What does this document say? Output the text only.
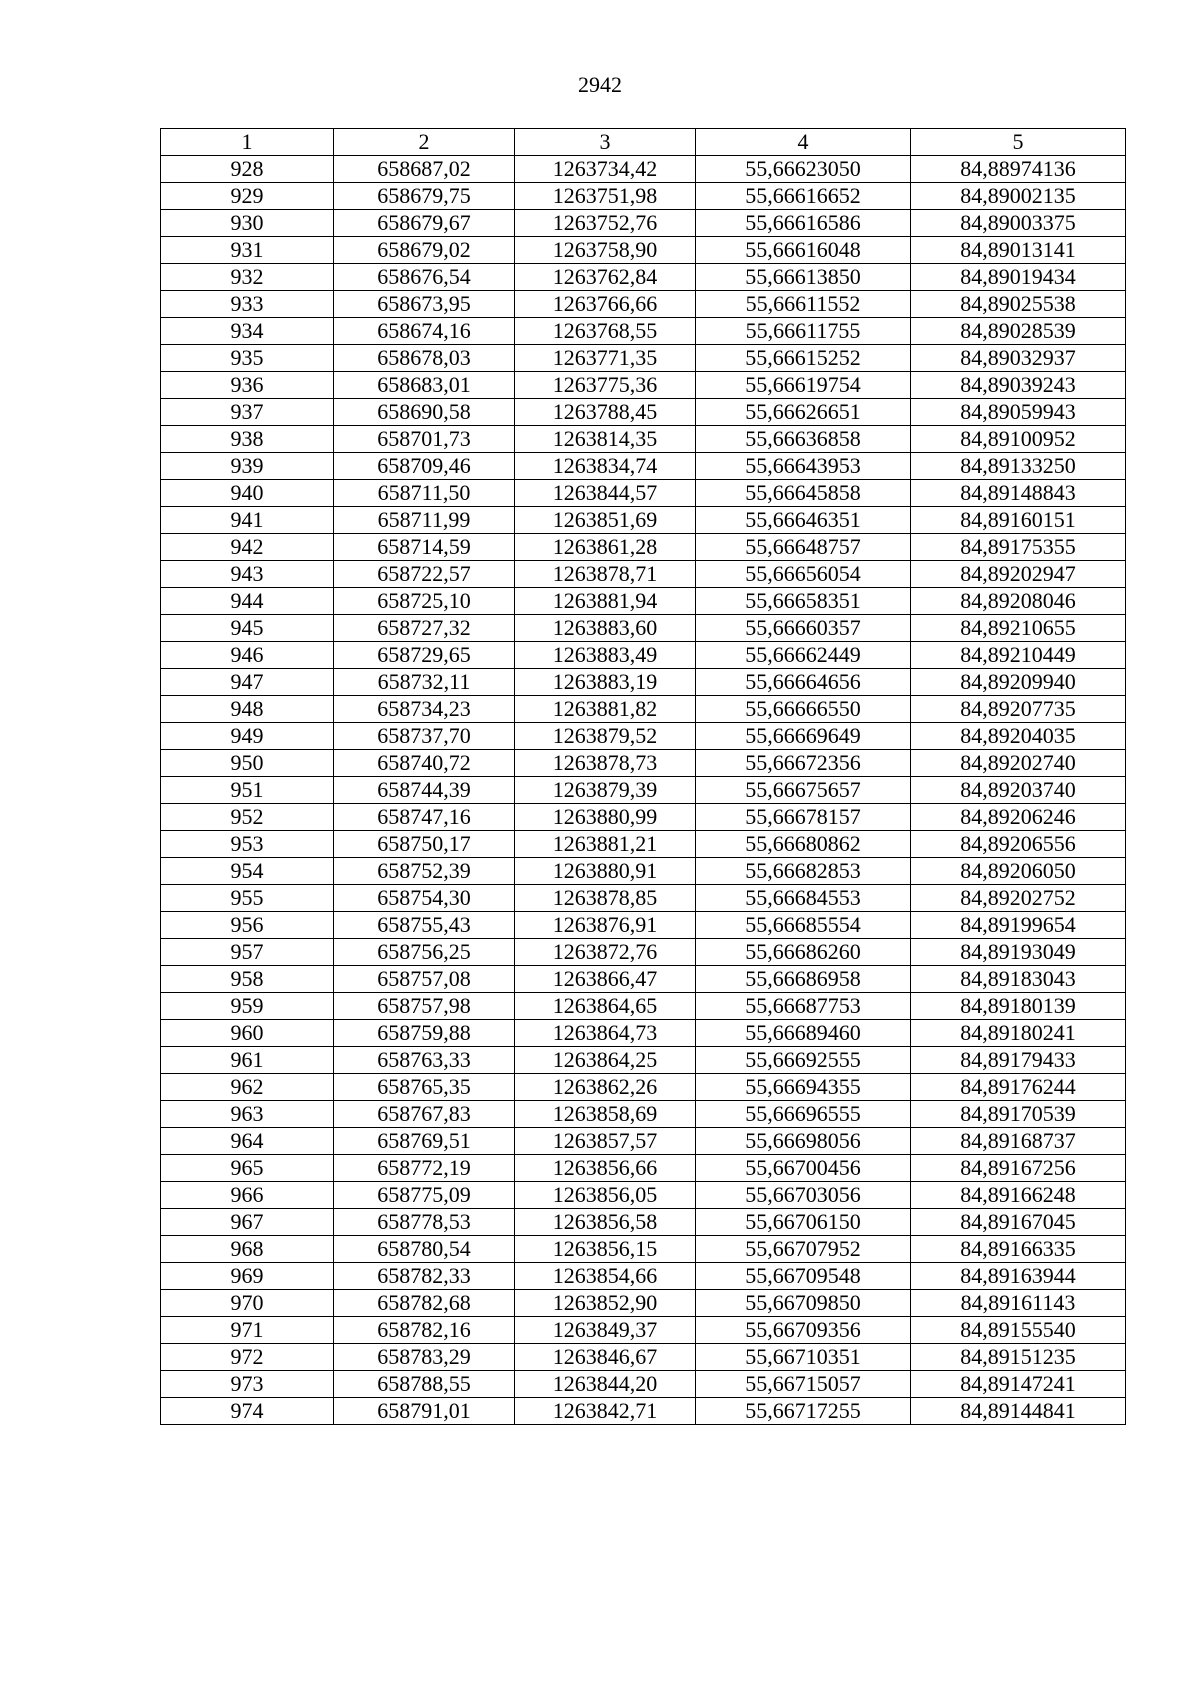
2942
1	2	3	4	5
928	658687,02	1263734,42	55,66623050	84,88974136
929	658679,75	1263751,98	55,66616652	84,89002135
930	658679,67	1263752,76	55,66616586	84,89003375
931	658679,02	1263758,90	55,66616048	84,89013141
932	658676,54	1263762,84	55,66613850	84,89019434
933	658673,95	1263766,66	55,66611552	84,89025538
934	658674,16	1263768,55	55,66611755	84,89028539
935	658678,03	1263771,35	55,66615252	84,89032937
936	658683,01	1263775,36	55,66619754	84,89039243
937	658690,58	1263788,45	55,66626651	84,89059943
938	658701,73	1263814,35	55,66636858	84,89100952
939	658709,46	1263834,74	55,66643953	84,89133250
940	658711,50	1263844,57	55,66645858	84,89148843
941	658711,99	1263851,69	55,66646351	84,89160151
942	658714,59	1263861,28	55,66648757	84,89175355
943	658722,57	1263878,71	55,66656054	84,89202947
944	658725,10	1263881,94	55,66658351	84,89208046
945	658727,32	1263883,60	55,66660357	84,89210655
946	658729,65	1263883,49	55,66662449	84,89210449
947	658732,11	1263883,19	55,66664656	84,89209940
948	658734,23	1263881,82	55,66666550	84,89207735
949	658737,70	1263879,52	55,66669649	84,89204035
950	658740,72	1263878,73	55,66672356	84,89202740
951	658744,39	1263879,39	55,66675657	84,89203740
952	658747,16	1263880,99	55,66678157	84,89206246
953	658750,17	1263881,21	55,66680862	84,89206556
954	658752,39	1263880,91	55,66682853	84,89206050
955	658754,30	1263878,85	55,66684553	84,89202752
956	658755,43	1263876,91	55,66685554	84,89199654
957	658756,25	1263872,76	55,66686260	84,89193049
958	658757,08	1263866,47	55,66686958	84,89183043
959	658757,98	1263864,65	55,66687753	84,89180139
960	658759,88	1263864,73	55,66689460	84,89180241
961	658763,33	1263864,25	55,66692555	84,89179433
962	658765,35	1263862,26	55,66694355	84,89176244
963	658767,83	1263858,69	55,66696555	84,89170539
964	658769,51	1263857,57	55,66698056	84,89168737
965	658772,19	1263856,66	55,66700456	84,89167256
966	658775,09	1263856,05	55,66703056	84,89166248
967	658778,53	1263856,58	55,66706150	84,89167045
968	658780,54	1263856,15	55,66707952	84,89166335
969	658782,33	1263854,66	55,66709548	84,89163944
970	658782,68	1263852,90	55,66709850	84,89161143
971	658782,16	1263849,37	55,66709356	84,89155540
972	658783,29	1263846,67	55,66710351	84,89151235
973	658788,55	1263844,20	55,66715057	84,89147241
974	658791,01	1263842,71	55,66717255	84,89144841
